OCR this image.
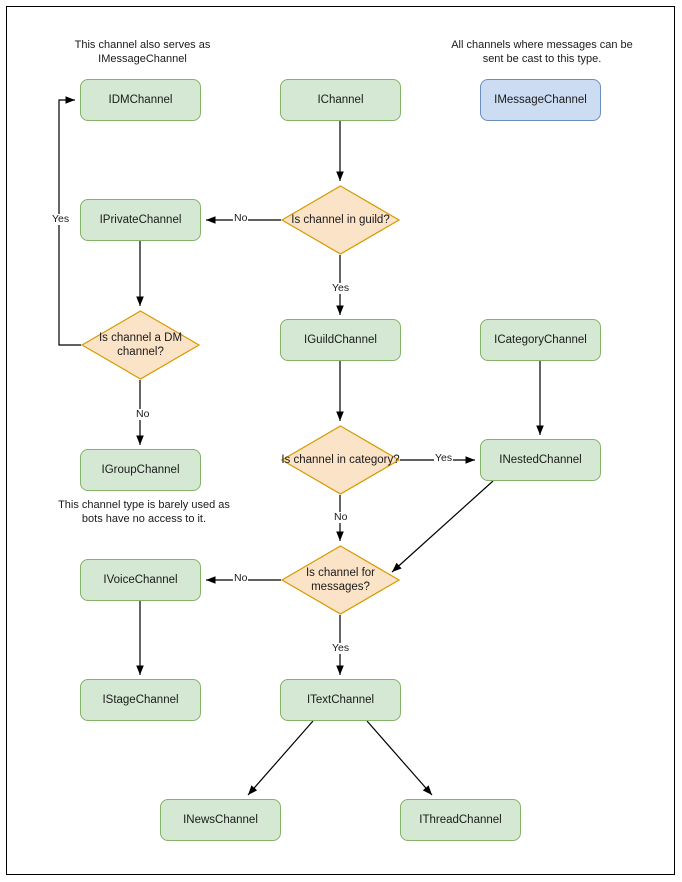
IDMChannel	IChannel	IMessageChannel
IPrivateChannel
IGuildChannel	ICategoryChannel
IGroupChannel
INestedChannel
IVoiceChannel
IStageChannel	ITextChannel
INewsChannel	IThreadChannel
Is channel in guild?
Is channel a DM channel?
Is channel in category?
Is channel for messages?
This channel also serves as IMessageChannel
All channels where messages can be sent be cast to this type.
This channel type is barely used as bots have no access to it.
Yes	No
Yes
No
Yes
No
No
Yes
